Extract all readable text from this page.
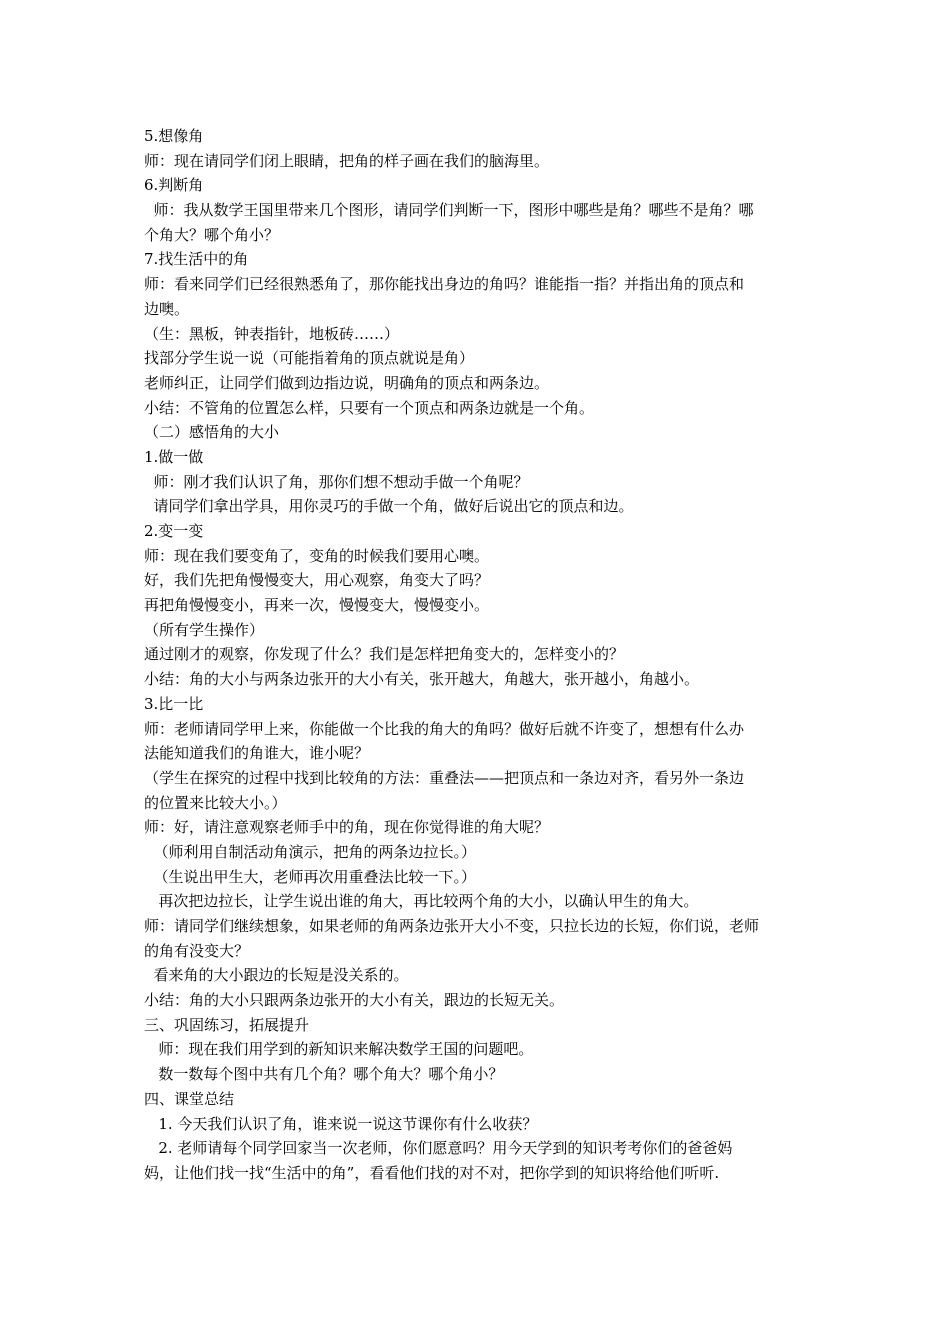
5.想像角

师：现在请同学们闭上眼睛，把角的样子画在我们的脑海里。

6.判断角

师：我从数学王国里带来几个图形，请同学们判断一下，图形中哪些是角？哪些不是角？哪

个角大？哪个角小？

7.找生活中的角

师：看来同学们已经很熟悉角了，那你能找出身边的角吗？谁能指一指？并指出角的顶点和

边噢。

（生：黑板，钟表指针，地板砖……）

找部分学生说一说（可能指着角的顶点就说是角）

老师纠正，让同学们做到边指边说，明确角的顶点和两条边。

小结：不管角的位置怎么样，只要有一个顶点和两条边就是一个角。

（二）感悟角的大小

1.做一做

师：刚才我们认识了角，那你们想不想动手做一个角呢？

请同学们拿出学具，用你灵巧的手做一个角，做好后说出它的顶点和边。

2.变一变

师：现在我们要变角了，变角的时候我们要用心噢。

好，我们先把角慢慢变大，用心观察，角变大了吗？

再把角慢慢变小，再来一次，慢慢变大，慢慢变小。

（所有学生操作）

通过刚才的观察，你发现了什么？我们是怎样把角变大的，怎样变小的？

小结：角的大小与两条边张开的大小有关，张开越大，角越大，张开越小，角越小。

3.比一比

师：老师请同学甲上来，你能做一个比我的角大的角吗？做好后就不许变了，想想有什么办

法能知道我们的角谁大，谁小呢？

（学生在探究的过程中找到比较角的方法：重叠法——把顶点和一条边对齐，看另外一条边

的位置来比较大小。）

师：好，请注意观察老师手中的角，现在你觉得谁的角大呢？

（师利用自制活动角演示，把角的两条边拉长。）

（生说出甲生大，老师再次用重叠法比较一下。）

再次把边拉长，让学生说出谁的角大，再比较两个角的大小，以确认甲生的角大。

师：请同学们继续想象，如果老师的角两条边张开大小不变，只拉长边的长短，你们说，老师

的角有没变大？

看来角的大小跟边的长短是没关系的。

小结：角的大小只跟两条边张开的大小有关，跟边的长短无关。

三、巩固练习，拓展提升

师：现在我们用学到的新知识来解决数学王国的问题吧。

数一数每个图中共有几个角？哪个角大？哪个角小？

四、课堂总结

1. 今天我们认识了角，谁来说一说这节课你有什么收获？

2. 老师请每个同学回家当一次老师，你们愿意吗？用今天学到的知识考考你们的爸爸妈

妈，让他们找一找“生活中的角”，看看他们找的对不对，把你学到的知识将给他们听听.
